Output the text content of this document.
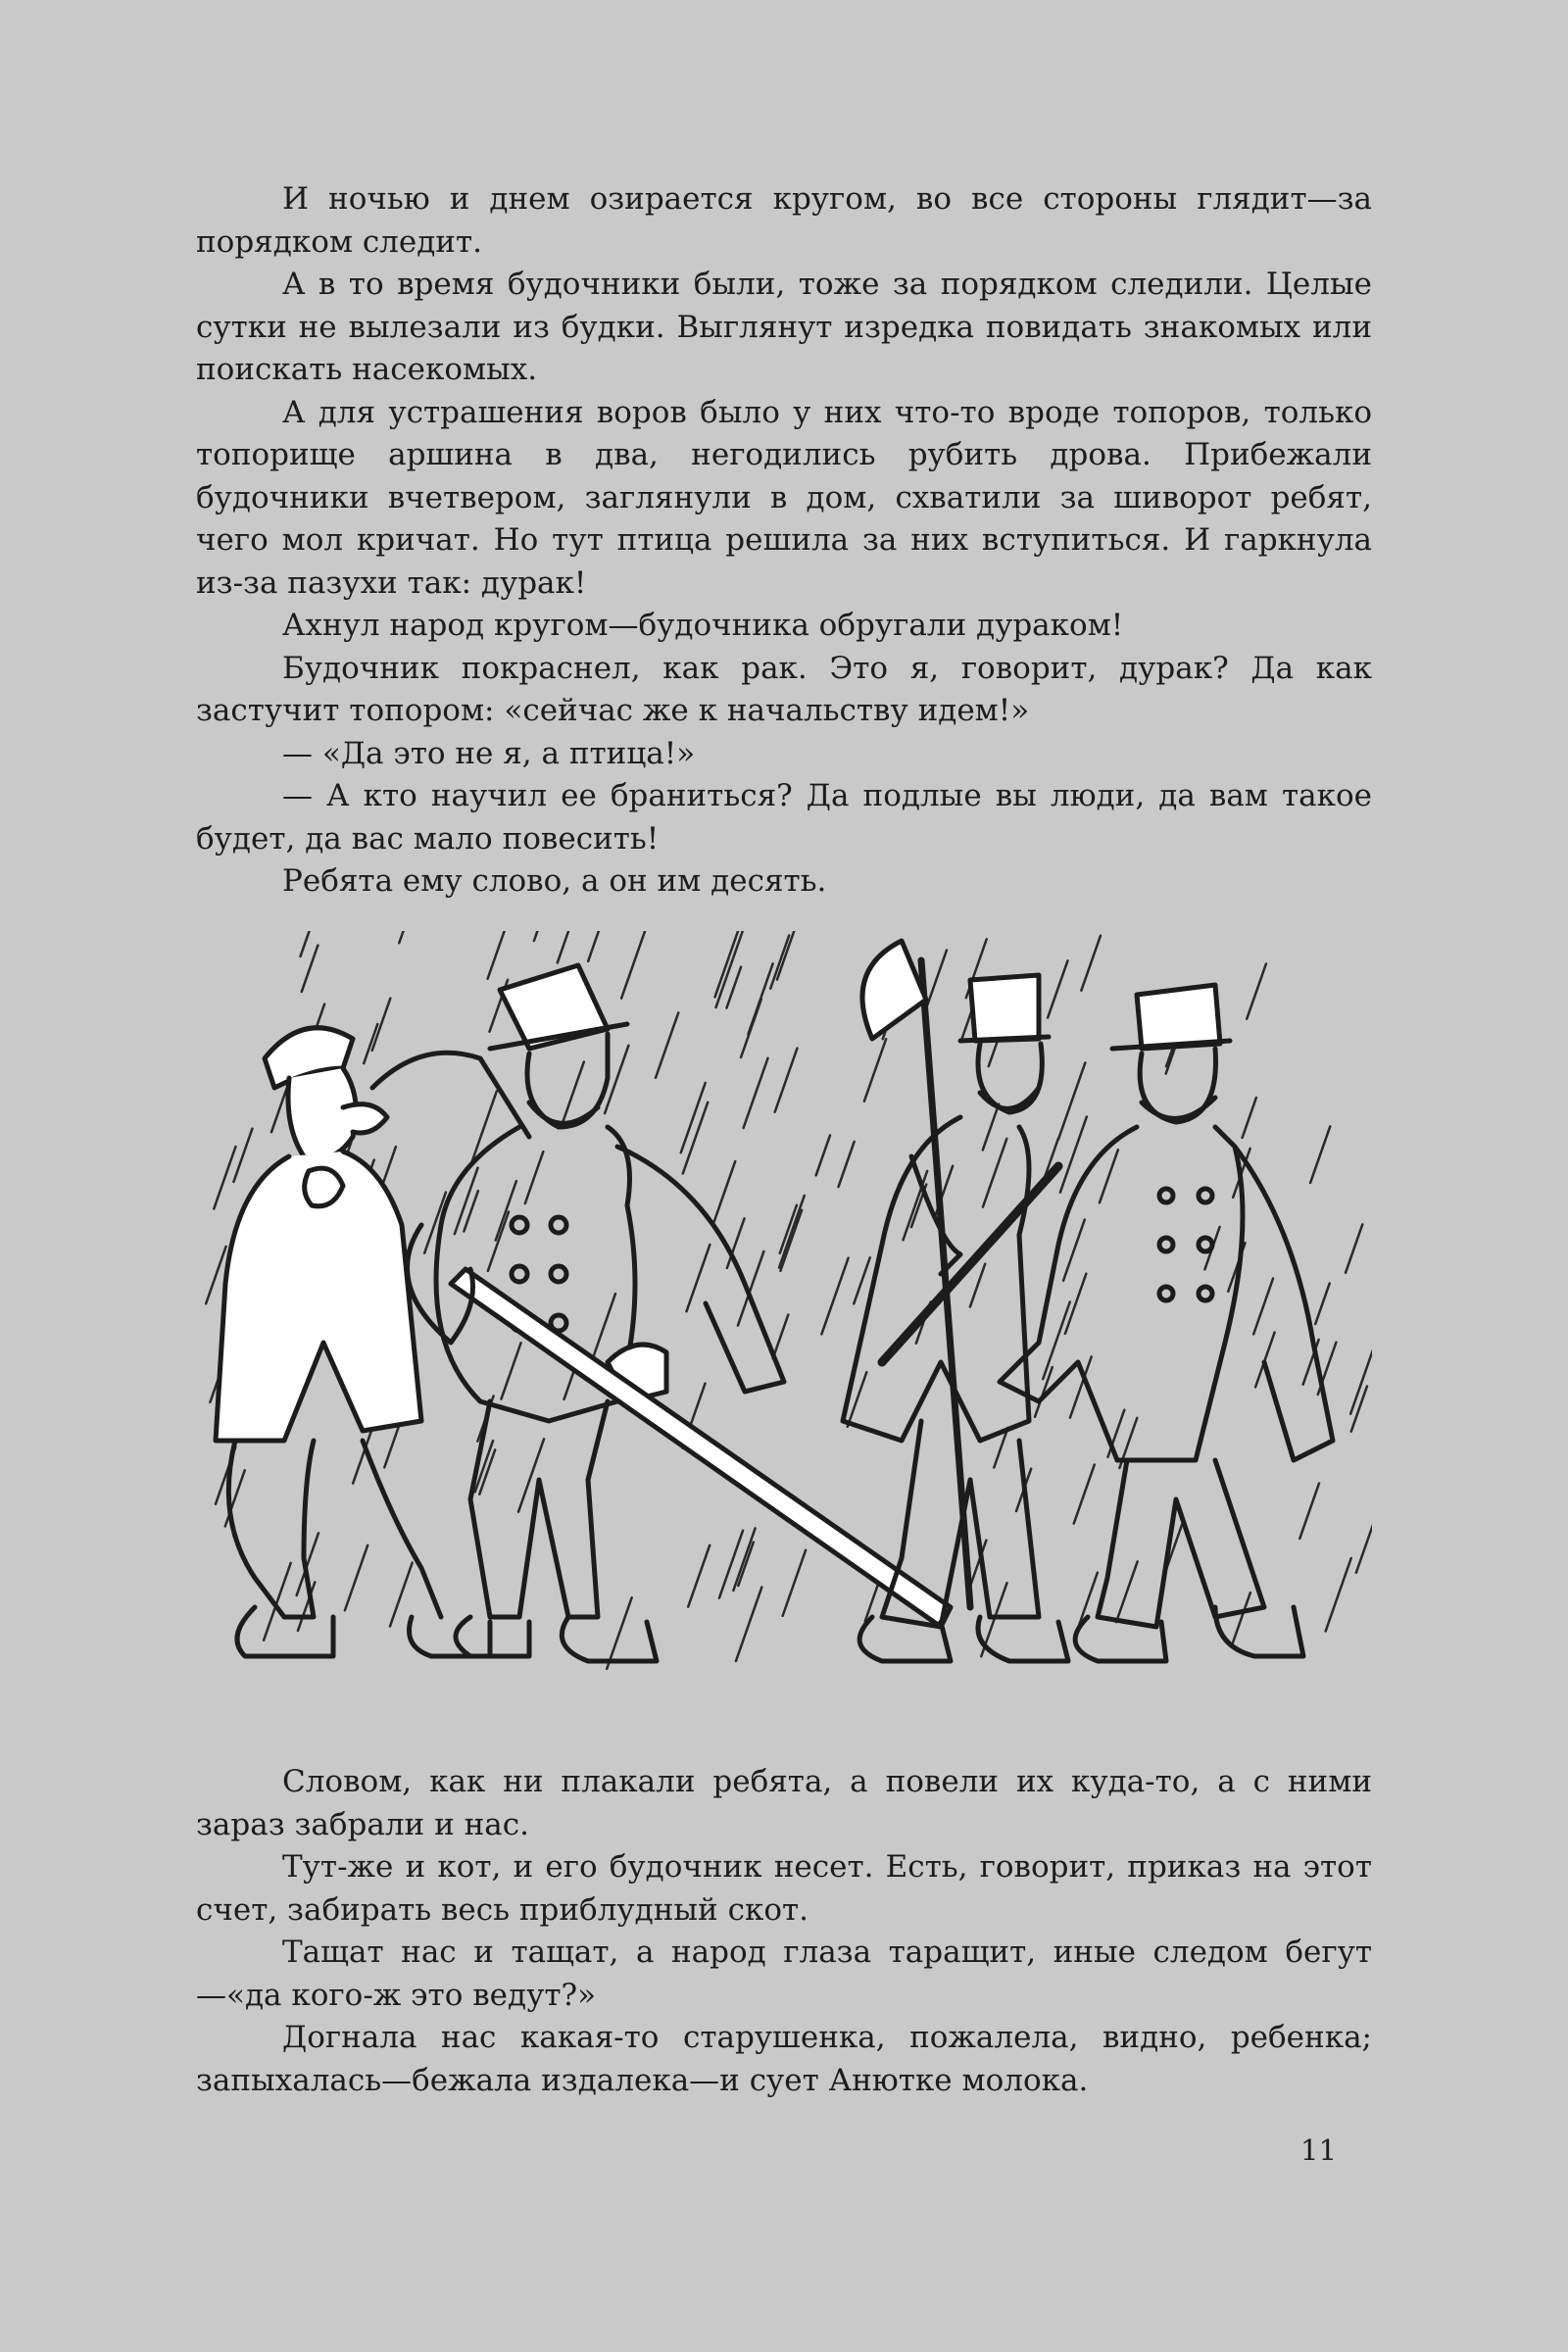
И ночью и днем озирается кругом, во все стороны глядит—за порядком следит.

А в то время будочники были, тоже за порядком следили. Целые сутки не вылезали из будки. Выглянут изредка повидать знакомых или поискать насекомых.

А для устрашения воров было у них что-то вроде топоров, только топорище аршина в два, негодились рубить дрова. Прибежали будочники вчетвером, заглянули в дом, схватили за шиворот ребят, чего мол кричат. Но тут птица решила за них вступиться. И гаркнула из-за пазухи так: дурак!

Ахнул народ кругом—будочника обругали дураком!

Будочник покраснел, как рак. Это я, говорит, дурак? Да как застучит топором: «сейчас же к начальству идем!»

— «Да это не я, а птица!»

— А кто научил ее браниться? Да подлые вы люди, да вам такое будет, да вас мало повесить!

Ребята ему слово, а он им десять.

Словом, как ни плакали ребята, а повели их куда-то, а с ними зараз забрали и нас.

Тут-же и кот, и его будочник несет. Есть, говорит, приказ на этот счет, забирать весь приблудный скот.

Тащат нас и тащат, а народ глаза таращит, иные следом бегут—«да кого-ж это ведут?»

Догнала нас какая-то старушенка, пожалела, видно, ребенка; запыхалась—бежала издалека—и сует Анютке молока.

11
